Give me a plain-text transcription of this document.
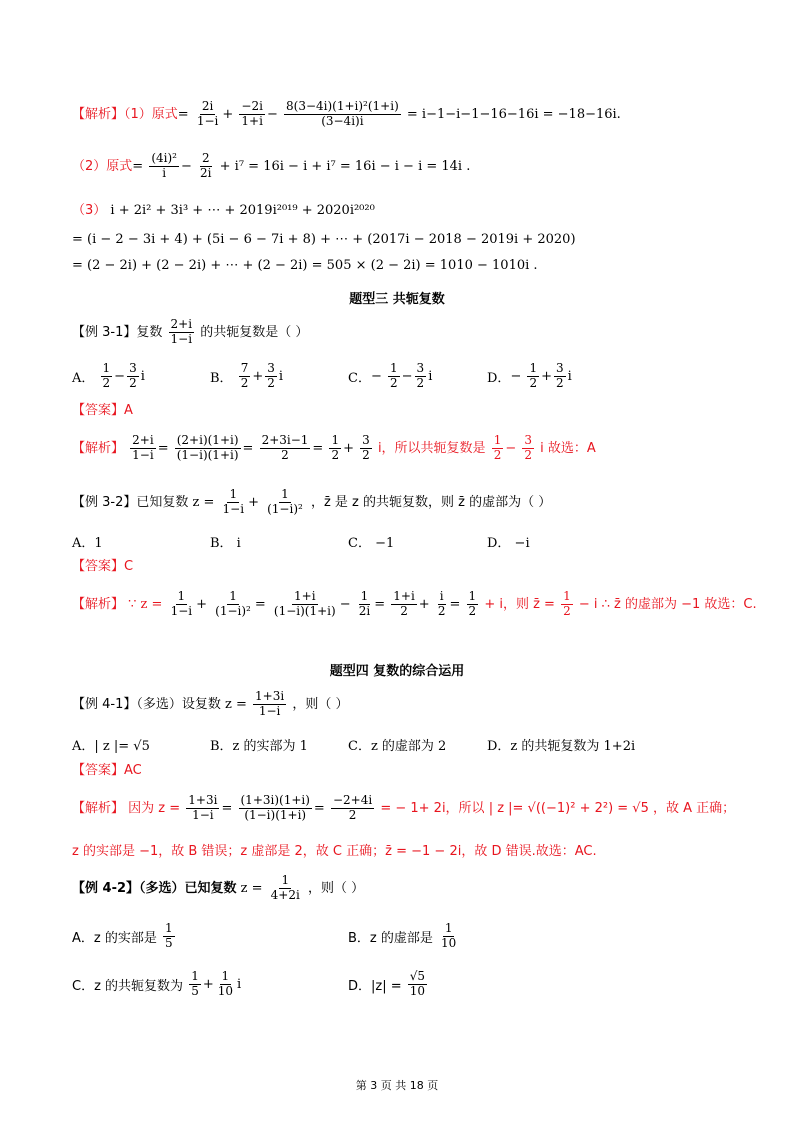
【解析】（1）原式= $\frac{2i}{1-i} + \frac{-2i}{1+i} - \frac{\text{8(3−4i)(1+i)²(1+i)}}{(3-4i)i} = i-1-i-1-16-16i = -18-16i$.
（2）原式= $\frac{\text{(4i)²}}{i} - \frac{2}{2i} + i^7 = 16i - i + i^7 = 16i - i - i = 14i$ .
（3） i + 2i² + 3i³ + ⋯ + 2019i²⁰¹⁹ + 2020i²⁰²⁰
= (i − 2 − 3i + 4) + (5i − 6 − 7i + 8) + ⋯ + (2017i − 2018 − 2019i + 2020)
= (2 − 2i) + (2 − 2i) + ⋯ + (2 − 2i) = 505 × (2 − 2i) = 1010 − 1010i .
题型三 共轭复数
【例 3-1】复数 $\frac{2+i}{1-i}$ 的共轭复数是（ ）
A． $\frac{1}{2} - \frac{3}{2}$ i	B． $\frac{7}{2} + \frac{3}{2}$ i	C．− $\frac{1}{2} - \frac{3}{2}$ i	D．− $\frac{1}{2} + \frac{3}{2}$ i
【答案】A
【解析】 $\frac{2+i}{1-i} = \frac{(2+i)(1+i)}{(1-i)(1+i)} = \frac{2+3i-1}{2} = \frac{1}{2} + \frac{3}{2}$ i，所以共轭复数是 $\frac{1}{2} - \frac{3}{2}$ i 故选：A
【例 3-2】已知复数 $z = \frac{1}{1-i} + \frac{1}{\text{(1−i)²}}$ ，z̄ 是 z 的共轭复数，则 z̄ 的虚部为（ ）
A．1	B． i	C． −1	D． −i
【答案】C
【解析】 ∵ $z = \frac{1}{1-i} + \frac{1}{\text{(1−i)²}} = \frac{1+i}{(1-i)(1+i)} - \frac{1}{2i} = \frac{1+i}{2} + \frac{i}{2} = \frac{1}{2} + i$，则 z̄ = $\frac{1}{2} - i$ ∴ z̄ 的虚部为 −1 故选：C.
题型四 复数的综合运用
【例 4-1】（多选）设复数 $z = \frac{1+3i}{1-i}$ ，则（ ）
A．| z |= √5	B．z 的实部为 1	C．z 的虚部为 2	D．z 的共轭复数为 1+2i
【答案】AC
【解析】 因为 $z = \frac{1+3i}{1-i} = \frac{(1+3i)(1+i)}{(1-i)(1+i)} = \frac{-2+4i}{2}$ = − 1+ 2i，所以 | z |= √((−1)² + 2²) = √5 ，故 A 正确；
z 的实部是 −1，故 B 错误；z 虚部是 2，故 C 正确；z̄ = −1 − 2i，故 D 错误.故选：AC.
【例 4-2】（多选）已知复数 $z = \frac{1}{4+2i}$ ，则（ ）
A．z 的实部是 $\frac{1}{5}$	B．z 的虚部是 $\frac{1}{10}$
C．z 的共轭复数为 $\frac{1}{5} + \frac{1}{10}$ i	D．$|z| = \frac{√5}{10}$
第 3 页 共 18 页
